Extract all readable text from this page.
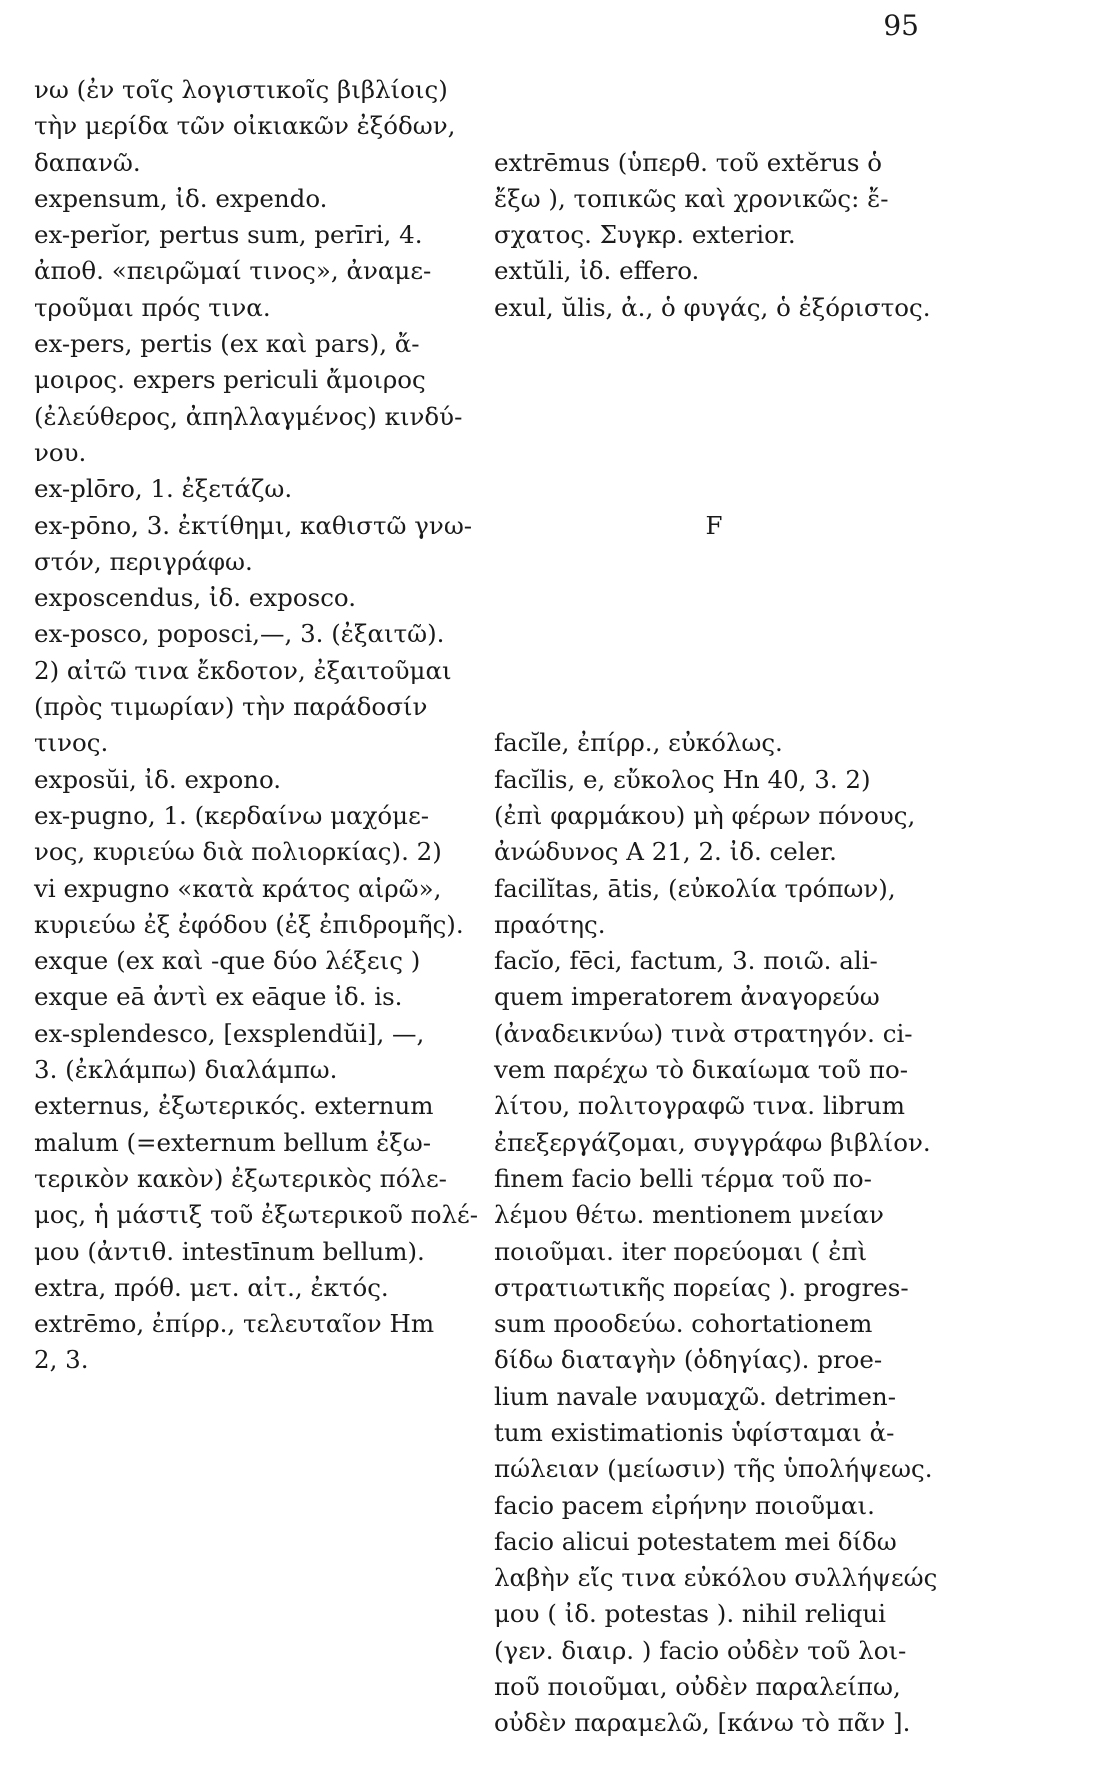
95
νω (ἐν τοῖς λογιστικοῖς βιβλίοις)
τὴν μερίδα τῶν οἰκιακῶν ἐξόδων,
δαπανῶ.
expensum, ἰδ. expendo.
ex-perĭor, pertus sum, perīri, 4.
ἀποθ. «πειρῶμαί τινος», ἀναμε-
τροῦμαι πρός τινα.
ex-pers, pertis (ex καὶ pars), ἄ-
μοιρος. expers periculi ἄμοιρος
(ἐλεύθερος, ἀπηλλαγμένος) κινδύ-
νου.
ex-plōro, 1. ἐξετάζω.
ex-pōno, 3. ἐκτίθημι, καθιστῶ γνω-
στόν, περιγράφω.
exposcendus, ἰδ. exposco.
ex-posco, poposci,—, 3. (ἐξαιτῶ).
2) αἰτῶ τινα ἔκδοτον, ἐξαιτοῦμαι
(πρὸς τιμωρίαν) τὴν παράδοσίν
τινος.
exposŭi, ἰδ. expono.
ex-pugno, 1. (κερδαίνω μαχόμε-
νος, κυριεύω διὰ πολιορκίας). 2)
vi expugno «κατὰ κράτος αἱρῶ»,
κυριεύω ἐξ ἐφόδου (ἐξ ἐπιδρομῆς).
exque (ex καὶ -que δύο λέξεις )
exque eā ἀντὶ ex eāque ἰδ. is.
ex-splendesco, [exsplendŭi], —,
3. (ἐκλάμπω) διαλάμπω.
externus, ἐξωτερικός. externum
malum (=externum bellum ἐξω-
τερικὸν κακὸν) ἐξωτερικὸς πόλε-
μος, ἡ μάστιξ τοῦ ἐξωτερικοῦ πολέ-
μου (ἀντιθ. intestīnum bellum).
extra, πρόθ. μετ. αἰτ., ἐκτός.
extrēmo, ἐπίρρ., τελευταῖον Hm
2, 3.

extrēmus (ὑπερθ. τοῦ extĕrus ὁ
ἔξω ), τοπικῶς καὶ χρονικῶς: ἔ-
σχατος. Συγκρ. exterior.
extŭli, ἰδ. effero.
exul, ŭlis, ἀ., ὁ φυγάς, ὁ ἐξόριστος.

F

facĭle, ἐπίρρ., εὐκόλως.
facĭlis, e, εὔκολος Hn 40, 3. 2)
(ἐπὶ φαρμάκου) μὴ φέρων πόνους,
ἀνώδυνος A 21, 2. ἰδ. celer.
facilĭtas, ātis, (εὐκολία τρόπων),
πραότης.
facĭo, fēci, factum, 3. ποιῶ. ali-
quem imperatorem ἀναγορεύω
(ἀναδεικνύω) τινὰ στρατηγόν. ci-
vem παρέχω τὸ δικαίωμα τοῦ πο-
λίτου, πολιτογραφῶ τινα. librum
ἐπεξεργάζομαι, συγγράφω βιβλίον.
finem facio belli τέρμα τοῦ πο-
λέμου θέτω. mentionem μνείαν
ποιοῦμαι. iter πορεύομαι ( ἐπὶ
στρατιωτικῆς πορείας ). progres-
sum προοδεύω. cohortationem
δίδω διαταγὴν (ὁδηγίας). proe-
lium navale ναυμαχῶ. detrimen-
tum existimationis ὑφίσταμαι ἀ-
πώλειαν (μείωσιν) τῆς ὑπολήψεως.
facio pacem εἰρήνην ποιοῦμαι.
facio alicui potestatem mei δίδω
λαβὴν εἴς τινα εὐκόλου συλλήψεώς
μου ( ἰδ. potestas ). nihil reliqui
(γεν. διαιρ. ) facio οὐδὲν τοῦ λοι-
ποῦ ποιοῦμαι, οὐδὲν παραλείπω,
οὐδὲν παραμελῶ, [κάνω τὸ πᾶν ].
